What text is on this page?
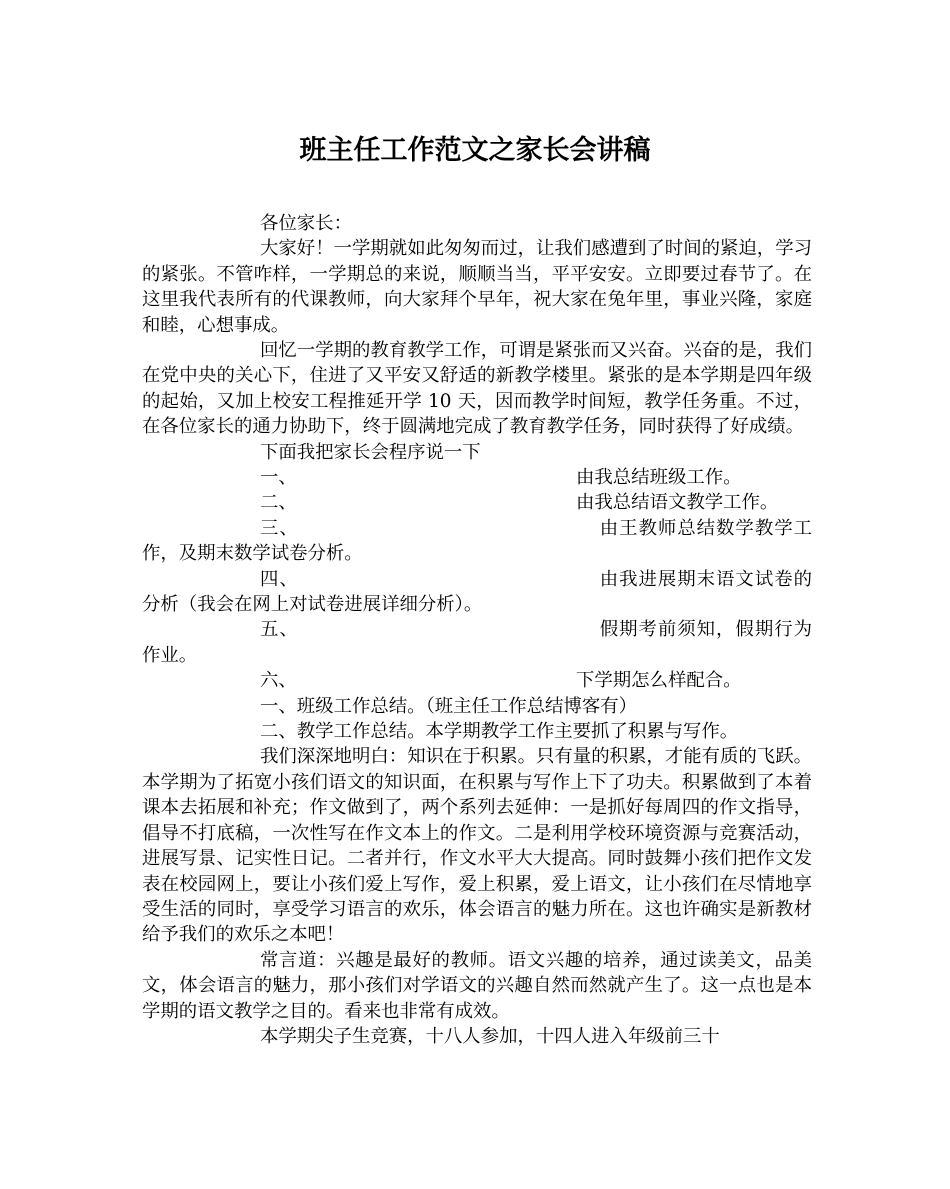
班主任工作范文之家长会讲稿

各位家长：

大家好！一学期就如此匆匆而过，让我们感遭到了时间的紧迫，学习的紧张。不管咋样，一学期总的来说，顺顺当当，平平安安。立即要过春节了。在这里我代表所有的代课教师，向大家拜个早年，祝大家在兔年里，事业兴隆，家庭和睦，心想事成。

回忆一学期的教育教学工作，可谓是紧张而又兴奋。兴奋的是，我们在党中央的关心下，住进了又平安又舒适的新教学楼里。紧张的是本学期是四年级的起始，又加上校安工程推延开学 10 天，因而教学时间短，教学任务重。不过，在各位家长的通力协助下，终于圆满地完成了教育教学任务，同时获得了好成绩。

下面我把家长会程序说一下

一、	由我总结班级工作。
二、	由我总结语文教学工作。

三、	由王教师总结数学教学工作，及期末数学试卷分析。

四、	由我进展期末语文试卷的分析（我会在网上对试卷进展详细分析）。

五、	假期考前须知，假期行为作业。

六、	下学期怎么样配合。

一、班级工作总结。（班主任工作总结博客有）

二、教学工作总结。本学期教学工作主要抓了积累与写作。

我们深深地明白：知识在于积累。只有量的积累，才能有质的飞跃。本学期为了拓宽小孩们语文的知识面，在积累与写作上下了功夫。积累做到了本着课本去拓展和补充；作文做到了，两个系列去延伸：一是抓好每周四的作文指导，倡导不打底稿，一次性写在作文本上的作文。二是利用学校环境资源与竞赛活动，进展写景、记实性日记。二者并行，作文水平大大提高。同时鼓舞小孩们把作文发表在校园网上，要让小孩们爱上写作，爱上积累，爱上语文，让小孩们在尽情地享受生活的同时，享受学习语言的欢乐，体会语言的魅力所在。这也许确实是新教材给予我们的欢乐之本吧！

常言道：兴趣是最好的教师。语文兴趣的培养，通过读美文，品美文，体会语言的魅力，那小孩们对学语文的兴趣自然而然就产生了。这一点也是本学期的语文教学之目的。看来也非常有成效。

本学期尖子生竞赛，十八人参加，十四人进入年级前三十
